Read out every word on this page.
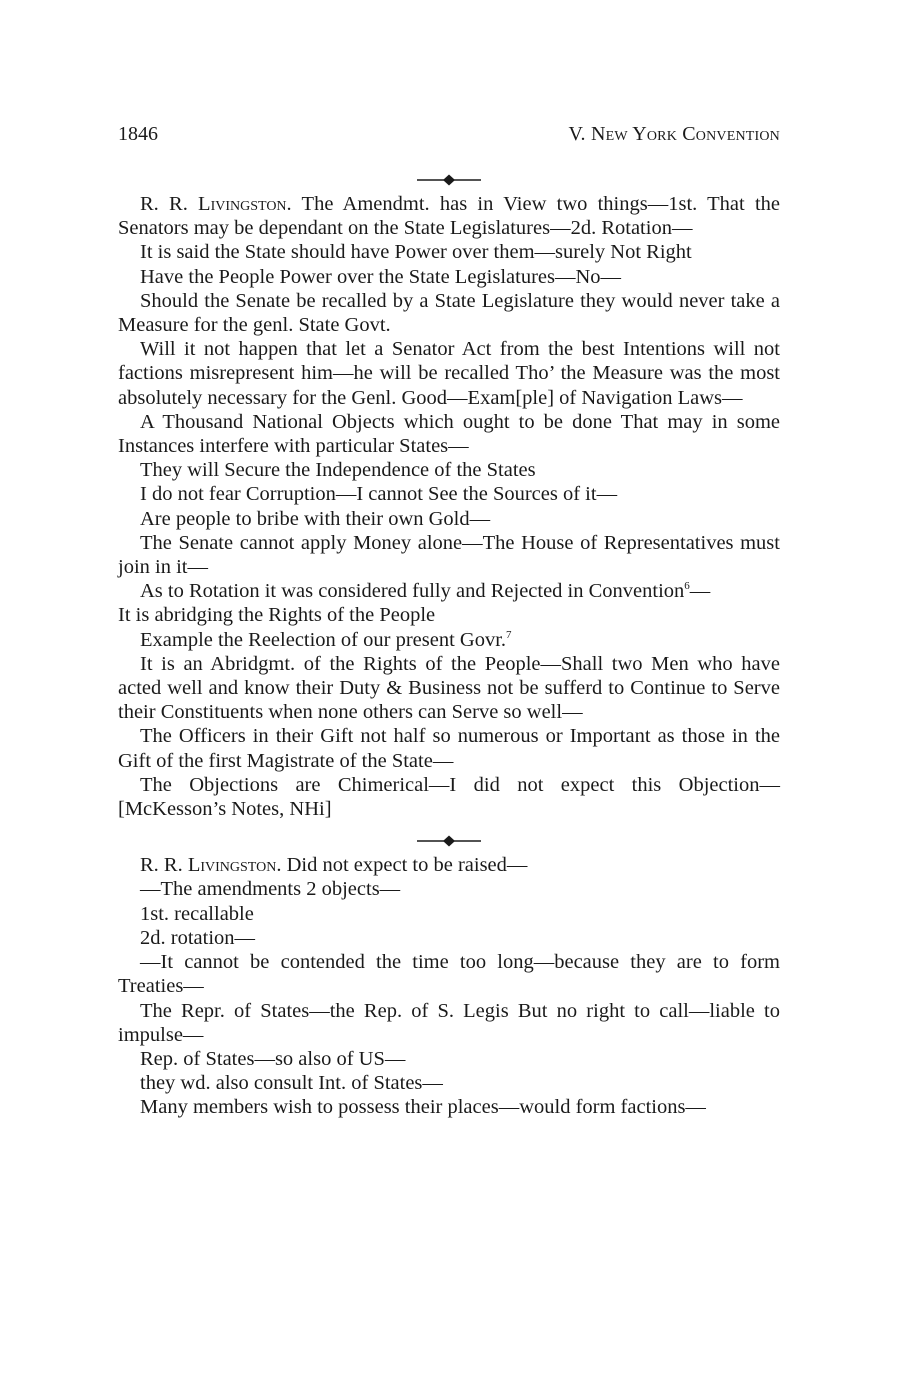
1846	V. New York Convention

R. R. Livingston. The Amendmt. has in View two things—1st. That the Senators may be dependant on the State Legislatures—2d. Rotation—

It is said the State should have Power over them—surely Not Right

Have the People Power over the State Legislatures—No—

Should the Senate be recalled by a State Legislature they would never take a Measure for the genl. State Govt.

Will it not happen that let a Senator Act from the best Intentions will not factions misrepresent him—he will be recalled Tho’ the Measure was the most absolutely necessary for the Genl. Good—Exam[ple] of Navigation Laws—

A Thousand National Objects which ought to be done That may in some Instances interfere with particular States—

They will Secure the Independence of the States

I do not fear Corruption—I cannot See the Sources of it—

Are people to bribe with their own Gold—

The Senate cannot apply Money alone—The House of Representatives must join in it—

As to Rotation it was considered fully and Rejected in Convention$^6$—

It is abridging the Rights of the People

Example the Reelection of our present Govr.$^7$

It is an Abridgmt. of the Rights of the People—Shall two Men who have acted well and know their Duty & Business not be sufferd to Continue to Serve their Constituents when none others can Serve so well—

The Officers in their Gift not half so numerous or Important as those in the Gift of the first Magistrate of the State—

The Objections are Chimerical—I did not expect this Objection— [McKesson’s Notes, NHi]

R. R. Livingston. Did not expect to be raised—

—The amendments 2 objects—

1st. recallable

2d. rotation—

—It cannot be contended the time too long—because they are to form Treaties—

The Repr. of States—the Rep. of S. Legis But no right to call—liable to impulse—

Rep. of States—so also of US—

they wd. also consult Int. of States—

Many members wish to possess their places—would form factions—
